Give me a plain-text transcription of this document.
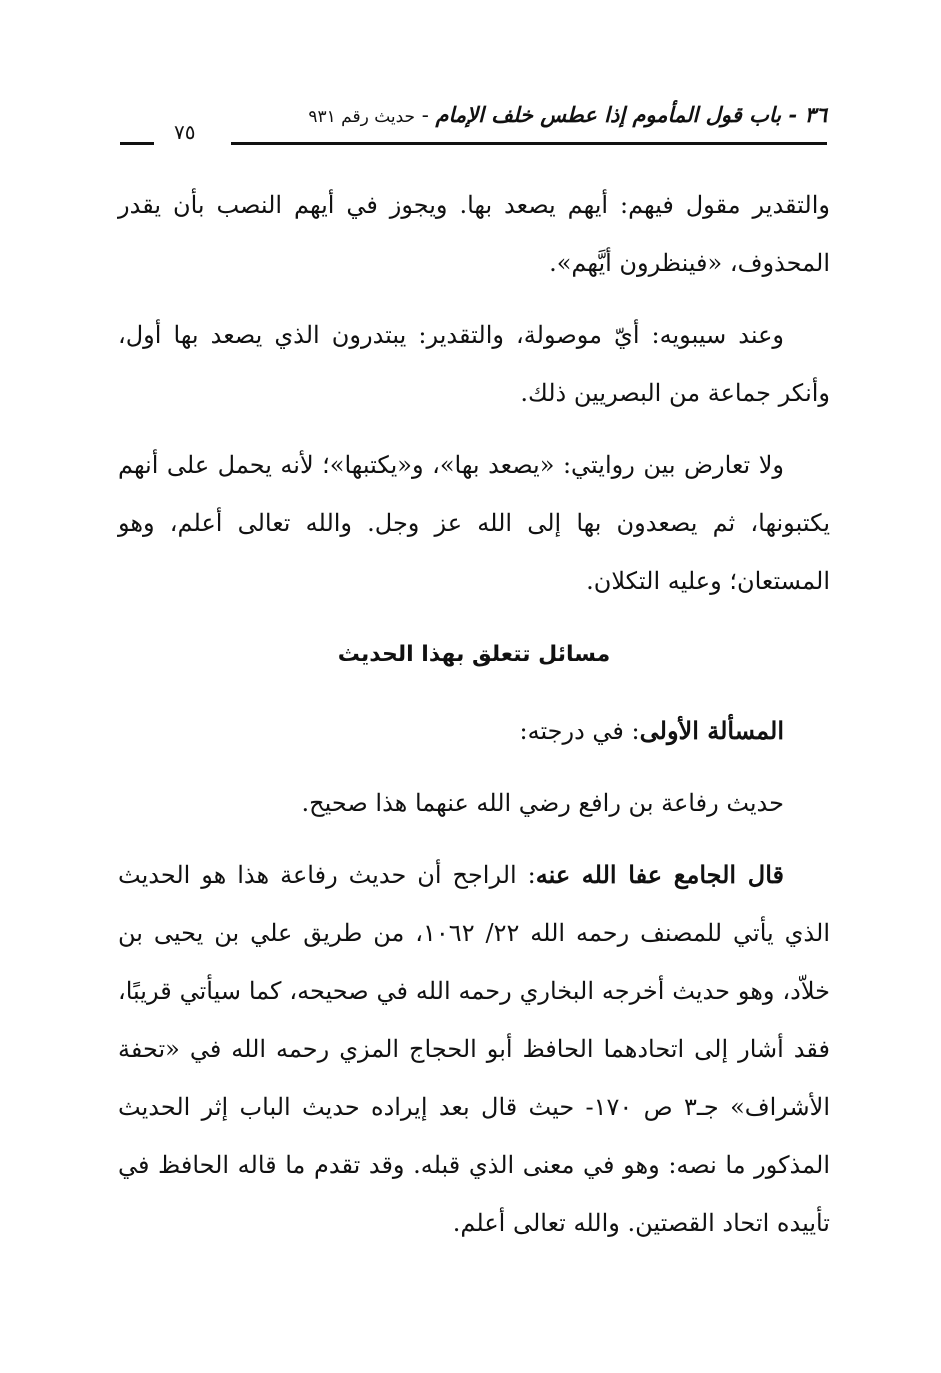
٣٦ - باب قول المأموم إذا عطس خلف الإمام - حديث رقم ٩٣١
٧٥

والتقدير مقول فيهم: أيهم يصعد بها. ويجوز في أيهم النصب بأن يقدر المحذوف، «فينظرون أيَّهم».

وعند سيبويه: أيّ موصولة، والتقدير: يبتدرون الذي يصعد بها أول، وأنكر جماعة من البصريين ذلك.

ولا تعارض بين روايتي: «يصعد بها»، و«يكتبها»؛ لأنه يحمل على أنهم يكتبونها، ثم يصعدون بها إلى الله عز وجل. والله تعالى أعلم، وهو المستعان؛ وعليه التكلان.

مسائل تتعلق بهذا الحديث

المسألة الأولى: في درجته:

حديث رفاعة بن رافع رضي الله عنهما هذا صحيح.

قال الجامع عفا الله عنه: الراجح أن حديث رفاعة هذا هو الحديث الذي يأتي للمصنف رحمه الله ٢٢/ ١٠٦٢، من طريق علي بن يحيى بن خلاّد، وهو حديث أخرجه البخاري رحمه الله في صحيحه، كما سيأتي قريبًا، فقد أشار إلى اتحادهما الحافظ أبو الحجاج المزي رحمه الله في «تحفة الأشراف» جـ٣ ص ١٧٠- حيث قال بعد إيراده حديث الباب إثر الحديث المذكور ما نصه: وهو في معنى الذي قبله. وقد تقدم ما قاله الحافظ في تأييده اتحاد القصتين. والله تعالى أعلم.
